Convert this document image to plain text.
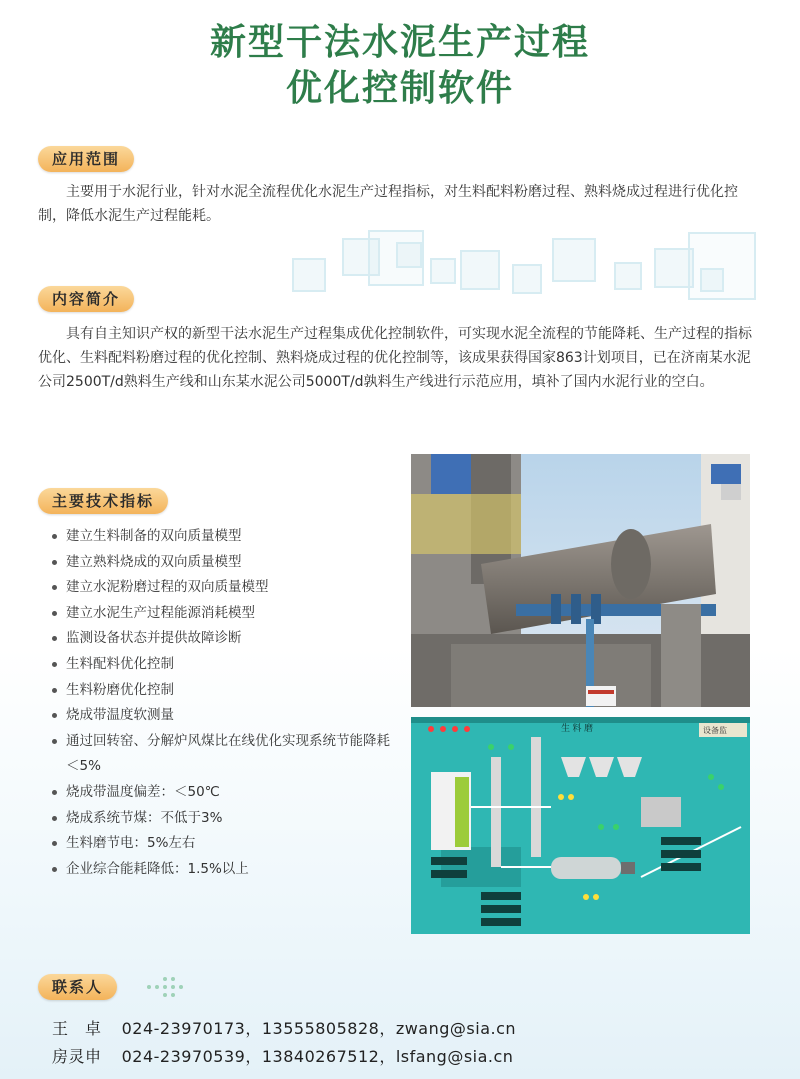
新型干法水泥生产过程
优化控制软件
应用范围
主要用于水泥行业，针对水泥全流程优化水泥生产过程指标，对生料配料粉磨过程、熟料烧成过程进行优化控制，降低水泥生产过程能耗。
内容简介
具有自主知识产权的新型干法水泥生产过程集成优化控制软件，可实现水泥全流程的节能降耗、生产过程的指标优化、生料配料粉磨过程的优化控制、熟料烧成过程的优化控制等，该成果获得国家863计划项目，已在济南某水泥公司2500T/d熟料生产线和山东某水泥公司5000T/d孰料生产线进行示范应用，填补了国内水泥行业的空白。
主要技术指标
建立生料制备的双向质量模型
建立熟料烧成的双向质量模型
建立水泥粉磨过程的双向质量模型
建立水泥生产过程能源消耗模型
监测设备状态并提供故障诊断
生料配料优化控制
生料粉磨优化控制
烧成带温度软测量
通过回转窑、分解炉风煤比在线优化实现系统节能降耗＜5%
烧成带温度偏差：＜50℃
烧成系统节煤：不低于3%
生料磨节电：5%左右
企业综合能耗降低：1.5%以上
生 料 磨	设备监
联系人
王　卓 024-23970173，13555805828，zwang@sia.cn
房灵申 024-23970539，13840267512，lsfang@sia.cn
